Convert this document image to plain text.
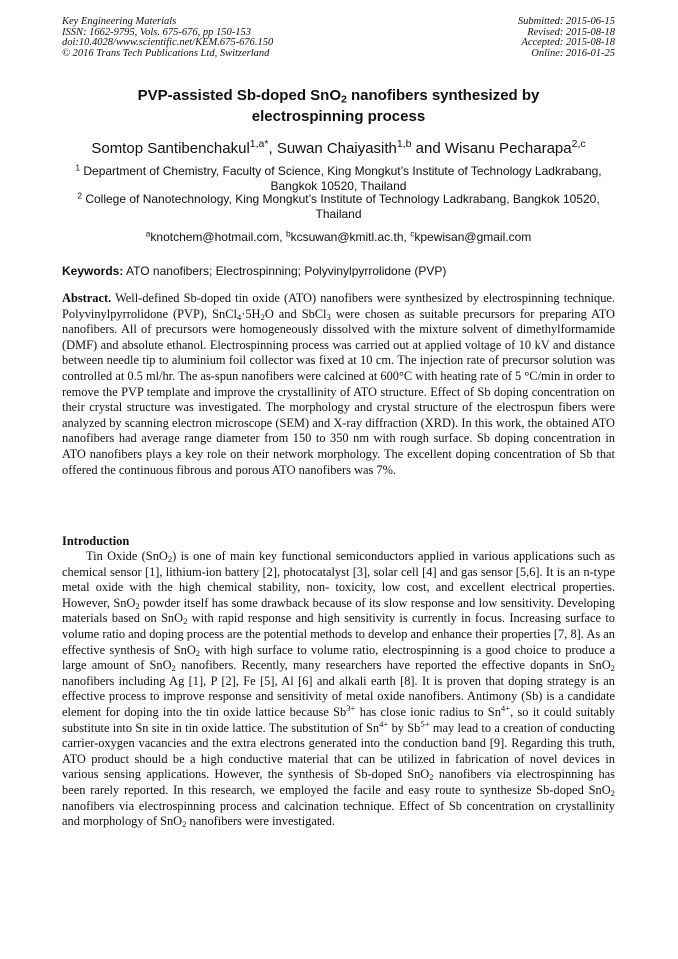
Key Engineering Materials
ISSN: 1662-9795, Vols. 675-676, pp 150-153
doi:10.4028/www.scientific.net/KEM.675-676.150
© 2016 Trans Tech Publications Ltd, Switzerland
Submitted: 2015-06-15
Revised: 2015-08-18
Accepted: 2015-08-18
Online: 2016-01-25
PVP-assisted Sb-doped SnO$_2$ nanofibers synthesized by
electrospinning process
Somtop Santibenchakul$^{1,a*}$, Suwan Chaiyasith$^{1,b}$ and Wisanu Pecharapa$^{2,c}$
$^1$ Department of Chemistry, Faculty of Science, King Mongkut’s Institute of Technology Ladkrabang, Bangkok 10520, Thailand
$^2$ College of Nanotechnology, King Mongkut’s Institute of Technology Ladkrabang, Bangkok 10520, Thailand
$^a$knotchem@hotmail.com, $^b$kcsuwan@kmitl.ac.th, $^c$kpewisan@gmail.com
Keywords: ATO nanofibers; Electrospinning; Polyvinylpyrrolidone (PVP)

Abstract. Well-defined Sb-doped tin oxide (ATO) nanofibers were synthesized by electrospinning technique. Polyvinylpyrrolidone (PVP), $SnCl_4\cdot 5H_2O$ and SbCl$_3$ were chosen as suitable precursors for preparing ATO nanofibers. All of precursors were homogeneously dissolved with the mixture solvent of dimethylformamide (DMF) and absolute ethanol. Electrospinning process was carried out at applied voltage of 10 kV and distance between needle tip to aluminium foil collector was fixed at 10 cm. The injection rate of precursor solution was controlled at 0.5 ml/hr. The as-spun nanofibers were calcined at 600°C with heating rate of 5 °C/min in order to remove the PVP template and improve the crystallinity of ATO structure. Effect of Sb doping concentration on their crystal structure was investigated. The morphology and crystal structure of the electrospun fibers were analyzed by scanning electron microscope (SEM) and X-ray diffraction (XRD). In this work, the obtained ATO nanofibers had average range diameter from 150 to 350 nm with rough surface. Sb doping concentration in ATO nanofibers plays a key role on their network morphology. The excellent doping concentration of Sb that offered the continuous fibrous and porous ATO nanofibers was 7%.

Introduction

Tin Oxide (SnO$_2$) is one of main key functional semiconductors applied in various applications such as chemical sensor [1], lithium-ion battery [2], photocatalyst [3], solar cell [4] and gas sensor [5,6]. It is an n-type metal oxide with the high chemical stability, non- toxicity, low cost, and excellent electrical properties. However, SnO$_2$ powder itself has some drawback because of its slow response and low sensitivity. Developing materials based on SnO$_2$ with rapid response and high sensitivity is currently in focus. Increasing surface to volume ratio and doping process are the potential methods to develop and enhance their properties [7, 8]. As an effective synthesis of SnO$_2$ with high surface to volume ratio, electrospinning is a good choice to produce a large amount of SnO$_2$ nanofibers. Recently, many researchers have reported the effective dopants in SnO$_2$ nanofibers including Ag [1], P [2], Fe [5], Al [6] and alkali earth [8]. It is proven that doping strategy is an effective process to improve response and sensitivity of metal oxide nanofibers. Antimony (Sb) is a candidate element for doping into the tin oxide lattice because $Sb^{3+}$ has close ionic radius to $Sn^{4+}$, so it could suitably substitute into Sn site in tin oxide lattice. The substitution of $Sn^{4+}$ by $Sb^{5+}$ may lead to a creation of conducting carrier-oxygen vacancies and the extra electrons generated into the conduction band [9]. Regarding this truth, ATO product should be a high conductive material that can be utilized in fabrication of novel devices in various sensing applications. However, the synthesis of Sb-doped SnO$_2$ nanofibers via electrospinning has been rarely reported. In this research, we employed the facile and easy route to synthesize Sb-doped SnO$_2$ nanofibers via electrospinning process and calcination technique. Effect of Sb concentration on crystallinity and morphology of SnO$_2$ nanofibers were investigated.
